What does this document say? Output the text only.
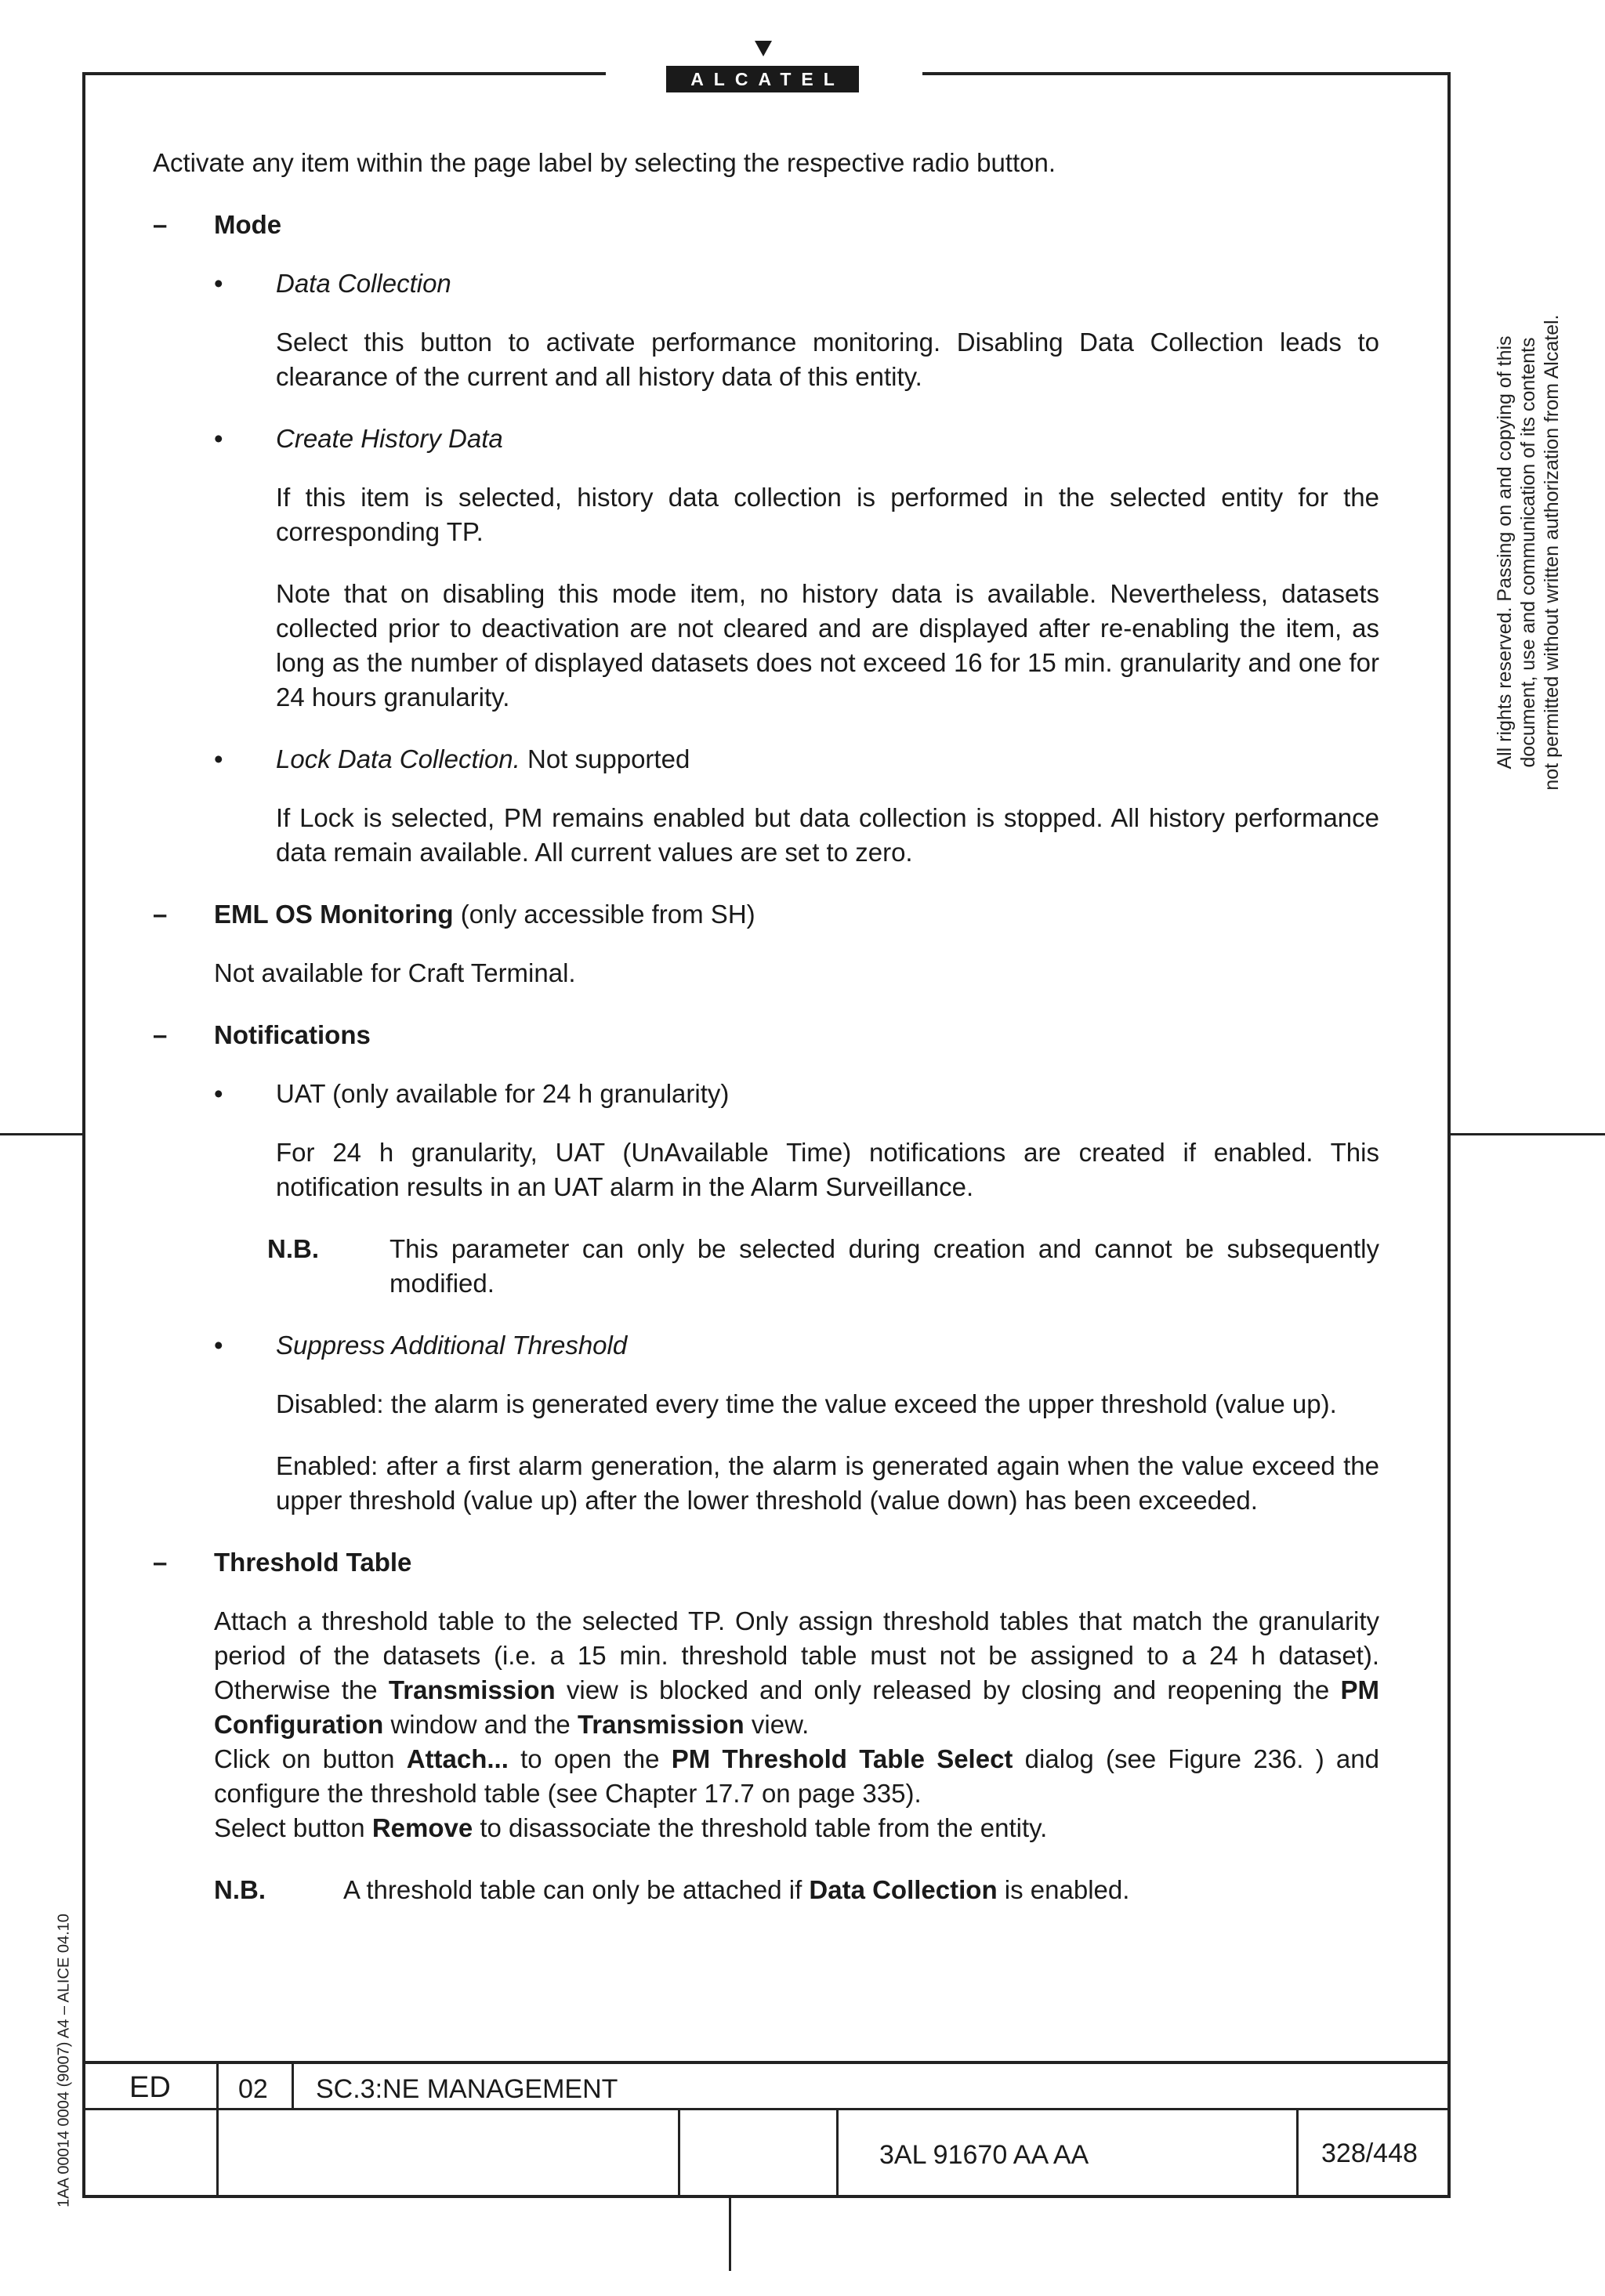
ALCATEL
All rights reserved. Passing on and copying of this document, use and communication of its contents not permitted without written authorization from Alcatel.
1AA 00014 0004 (9007) A4 – ALICE 04.10

Activate any item within the page label by selecting the respective radio button.

– Mode
• Data Collection

Select this button to activate performance monitoring. Disabling Data Collection leads to clearance of the current and all history data of this entity.

• Create History Data

If this item is selected, history data collection is performed in the selected entity for the corresponding TP.

Note that on disabling this mode item, no history data is available. Nevertheless, datasets collected prior to deactivation are not cleared and are displayed after re-enabling the item, as long as the number of displayed datasets does not exceed 16 for 15 min. granularity and one for 24 hours granularity.

• Lock Data Collection. Not supported

If Lock is selected, PM remains enabled but data collection is stopped. All history performance data remain available. All current values are set to zero.

– EML OS Monitoring (only accessible from SH)

Not available for Craft Terminal.

– Notifications
• UAT (only available for 24 h granularity)

For 24 h granularity, UAT (UnAvailable Time) notifications are created if enabled. This notification results in an UAT alarm in the Alarm Surveillance.

N.B.	This parameter can only be selected during creation and cannot be subsequently modified.
• Suppress Additional Threshold

Disabled: the alarm is generated every time the value exceed the upper threshold (value up).

Enabled: after a first alarm generation, the alarm is generated again when the value exceed the upper threshold (value up) after the lower threshold (value down) has been exceeded.

– Threshold Table
Attach a threshold table to the selected TP. Only assign threshold tables that match the granularity period of the datasets (i.e. a 15 min. threshold table must not be assigned to a 24 h dataset). Otherwise the Transmission view is blocked and only released by closing and reopening the PM Configuration window and the Transmission view.
Click on button Attach... to open the PM Threshold Table Select dialog (see Figure 236. ) and configure the threshold table (see Chapter 17.7 on page 335).
Select button Remove to disassociate the threshold table from the entity.
N.B.	A threshold table can only be attached if Data Collection is enabled.
ED	02 SC.3:NE MANAGEMENT
3AL 91670 AA AA	328/448
